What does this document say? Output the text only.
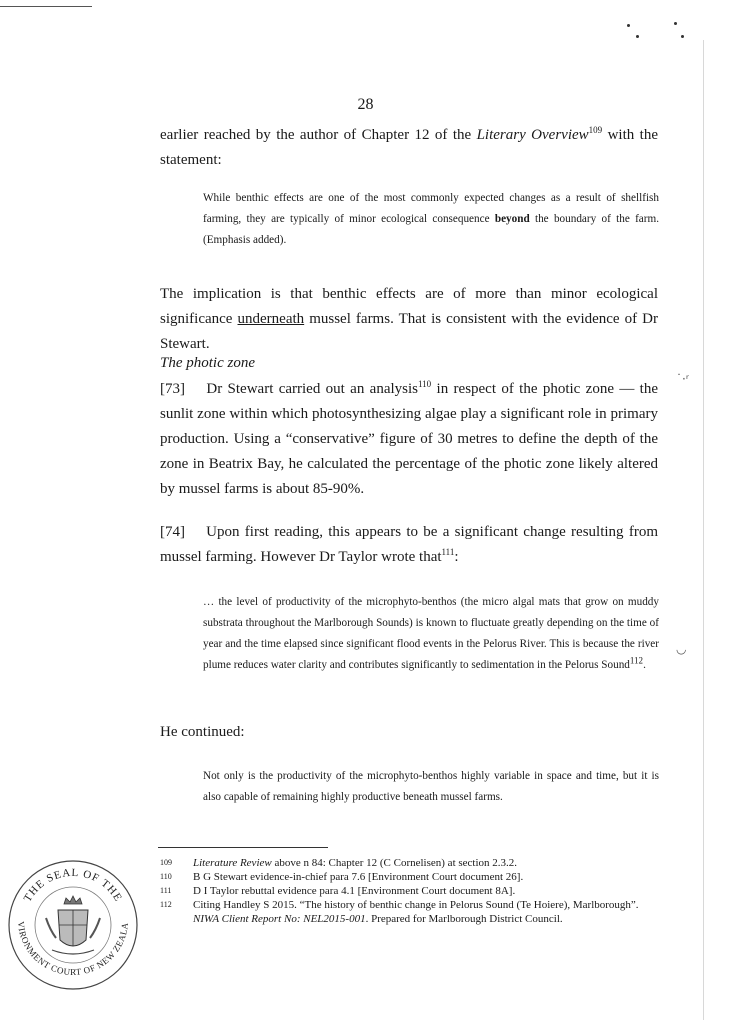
˙·ʳ
◡
28
earlier reached by the author of Chapter 12 of the Literary Overview$^{109}$ with the statement:
While benthic effects are one of the most commonly expected changes as a result of shellfish farming, they are typically of minor ecological consequence beyond the boundary of the farm. (Emphasis added).
The implication is that benthic effects are of more than minor ecological significance underneath mussel farms. That is consistent with the evidence of Dr Stewart.
The photic zone
[73] Dr Stewart carried out an analysis$^{110}$ in respect of the photic zone — the sunlit zone within which photosynthesizing algae play a significant role in primary production. Using a “conservative” figure of 30 metres to define the depth of the zone in Beatrix Bay, he calculated the percentage of the photic zone likely altered by mussel farms is about 85-90%.
[74] Upon first reading, this appears to be a significant change resulting from mussel farming. However Dr Taylor wrote that$^{111}$:
… the level of productivity of the microphyto-benthos (the micro algal mats that grow on muddy substrata throughout the Marlborough Sounds) is known to fluctuate greatly depending on the time of year and the time elapsed since significant flood events in the Pelorus River. This is because the river plume reduces water clarity and contributes significantly to sedimentation in the Pelorus Sound$^{112}$.
He continued:
Not only is the productivity of the microphyto-benthos highly variable in space and time, but it is also capable of remaining highly productive beneath mussel farms.
109 Literature Review above n 84: Chapter 12 (C Cornelisen) at section 2.3.2.
110 B G Stewart evidence-in-chief para 7.6 [Environment Court document 26].
111 D I Taylor rebuttal evidence para 4.1 [Environment Court document 8A].
112 Citing Handley S 2015. “The history of benthic change in Pelorus Sound (Te Hoiere), Marlborough”. NIWA Client Report No: NEL2015-001. Prepared for Marlborough District Council.
THE SEAL OF THE
VIRONMENT COURT OF NEW ZEALA
